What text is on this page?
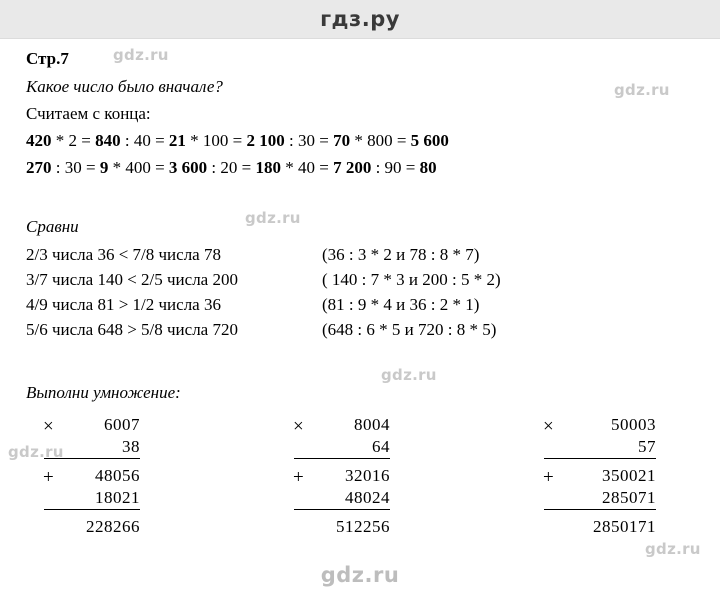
гдз.ру
Стр.7
Какое число было вначале?
Считаем с конца:
420 * 2 = 840 : 40 = 21 * 100 = 2 100 : 30 = 70 * 800 = 5 600
270 : 30 = 9 * 400 = 3 600 : 20 = 180 * 40 = 7 200 : 90 = 80
Сравни
2/3 числа 36 < 7/8 числа 78	(36 : 3 * 2 и 78 : 8 * 7)
3/7 числа 140 < 2/5 числа 200	( 140 : 7 * 3 и 200 : 5 * 2)
4/9 числа 81 > 1/2 числа 36	(81 : 9 * 4 и 36 : 2 * 1)
5/6 числа 648 > 5/8 числа 720	(648 : 6 * 5 и 720 : 8 * 5)
Выполни умножение:
×	6007
38
+	48056
18021
228266
×	8004
64
+	32016
48024
512256
×	50003
57
+	350021
285071
2850171
gdz.ru
gdz.ru
gdz.ru
gdz.ru
gdz.ru
gdz.ru
gdz.ru
